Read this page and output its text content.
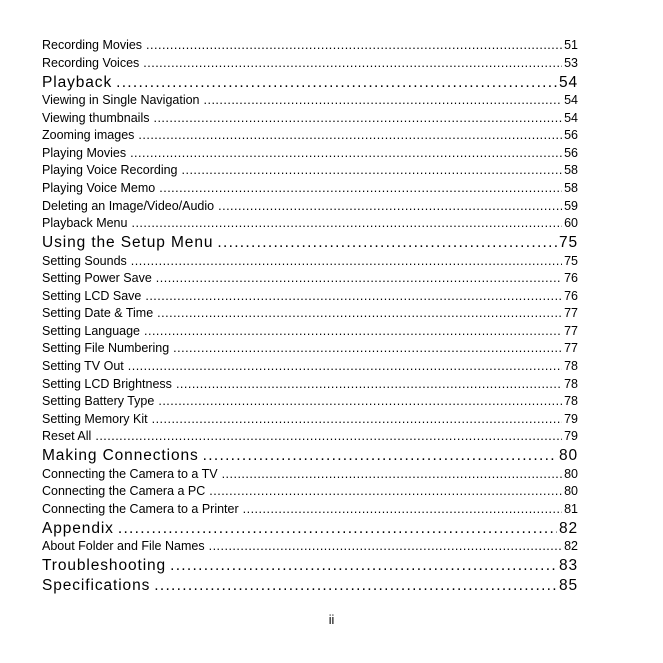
Recording Movies .....	51
Recording Voices .....	53
Playback .....	54
Viewing in Single Navigation .....	54
Viewing thumbnails .....	54
Zooming images .....	56
Playing Movies .....	56
Playing Voice Recording .....	58
Playing Voice Memo .....	58
Deleting an Image/Video/Audio .....	59
Playback Menu .....	60
Using the Setup Menu .....	75
Setting Sounds .....	75
Setting Power Save .....	76
Setting LCD Save .....	76
Setting Date & Time .....	77
Setting Language .....	77
Setting File Numbering .....	77
Setting TV Out .....	78
Setting LCD Brightness .....	78
Setting Battery Type .....	78
Setting Memory Kit .....	79
Reset All .....	79
Making Connections .....	80
Connecting the Camera to a TV .....	80
Connecting the Camera a PC .....	80
Connecting the Camera to a Printer .....	81
Appendix .....	82
About Folder and File Names .....	82
Troubleshooting .....	83
Specifications .....	85
ii
